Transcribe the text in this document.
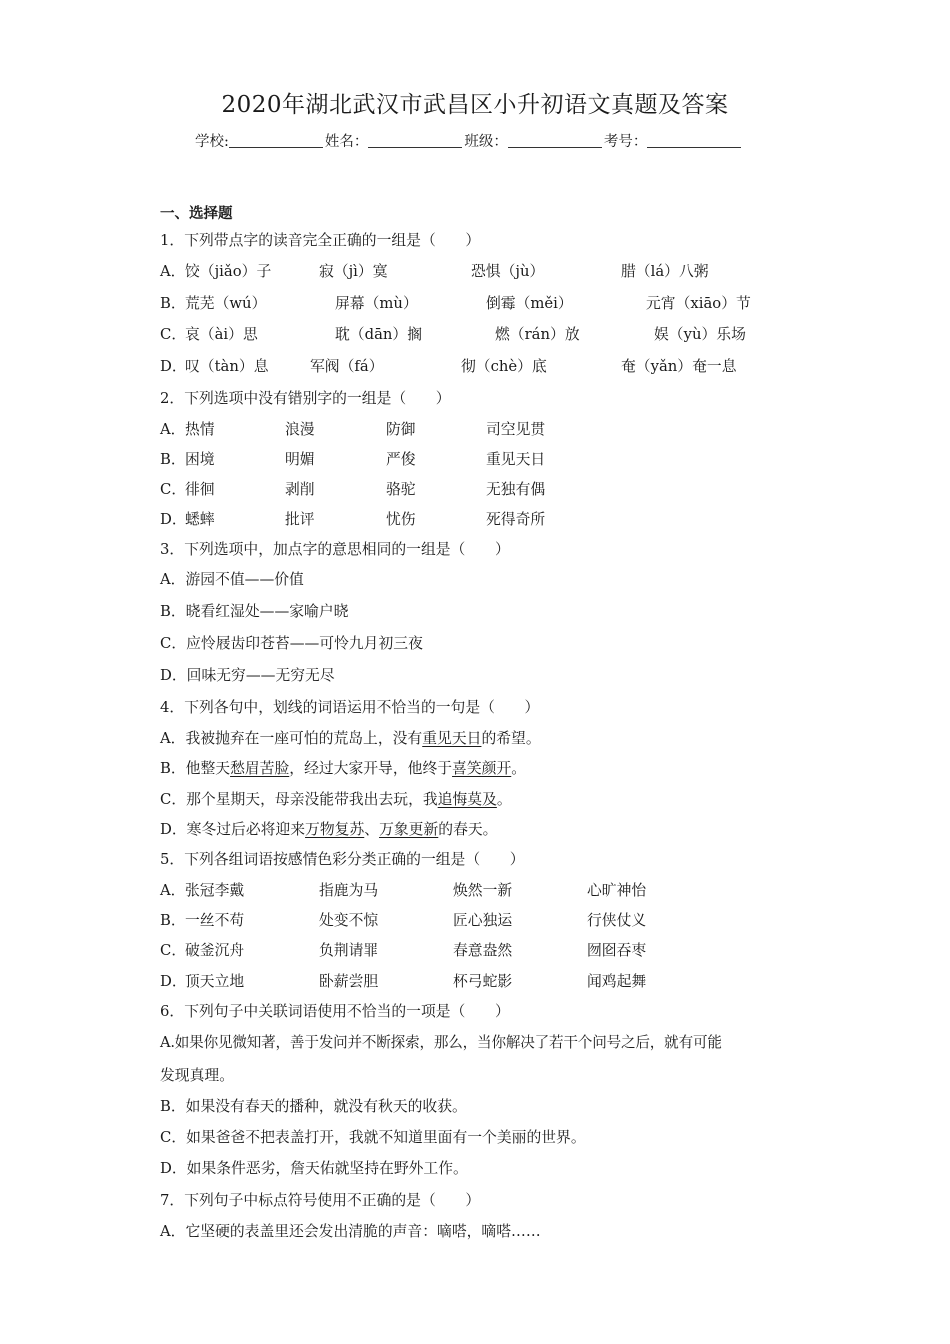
2020年湖北武汉市武昌区小升初语文真题及答案
学校:	姓名：	班级：	考号：
一、选择题
1．下列带点字的读音完全正确的一组是（　　）
A． 饺（jiǎo）子	寂（jì）寞	恐惧（jù）	腊（lá）八粥
B． 荒芜（wú）	屏幕（mù）	倒霉（měi）	元宵（xiāo）节
C．
哀（ài）思	耽（dān）搁	燃（rán）放	娱（yù）乐场
D．
叹（tàn）息	军阀（fá）	彻（chè）底	奄（yǎn）奄一息
2．下列选项中没有错别字的一组是（　　）
A． 热情	浪漫	防御	司空见贯
B． 困境	明媚	严俊	重见天日
C．
徘徊	剥削	骆驼	无独有偶
D．
蟋蟀	批评	忧伤	死得奇所
3．下列选项中，加点字的意思相同的一组是（　　）
A．游园不值——价值
B．晓看红湿处——家喻户晓
C．应怜屐齿印苍苔——可怜九月初三夜
D．回味无穷——无穷无尽
4．下列各句中，划线的词语运用不恰当的一句是（　　）
A．我被抛弃在一座可怕的荒岛上，没有重见天日的希望。
B．他整天愁眉苦脸，经过大家开导，他终于喜笑颜开。
C．那个星期天，母亲没能带我出去玩，我追悔莫及。
D．寒冬过后必将迎来万物复苏、万象更新的春天。
5．下列各组词语按感情色彩分类正确的一组是（　　）
A． 张冠李戴	指鹿为马	焕然一新	心旷神怡
B． 一丝不苟	处变不惊	匠心独运	行侠仗义
C．
破釜沉舟	负荆请罪	春意盎然	囫囵吞枣
D．
顶天立地	卧薪尝胆	杯弓蛇影	闻鸡起舞
6．下列句子中关联词语使用不恰当的一项是（　　）
A.如果你见微知著，善于发问并不断探索，那么，当你解决了若干个问号之后，就有可能
发现真理。
B．如果没有春天的播种，就没有秋天的收获。
C．如果爸爸不把表盖打开，我就不知道里面有一个美丽的世界。
D．如果条件恶劣，詹天佑就坚持在野外工作。
7．下列句子中标点符号使用不正确的是（　　）
A．它坚硬的表盖里还会发出清脆的声音：嘀嗒，嘀嗒……
